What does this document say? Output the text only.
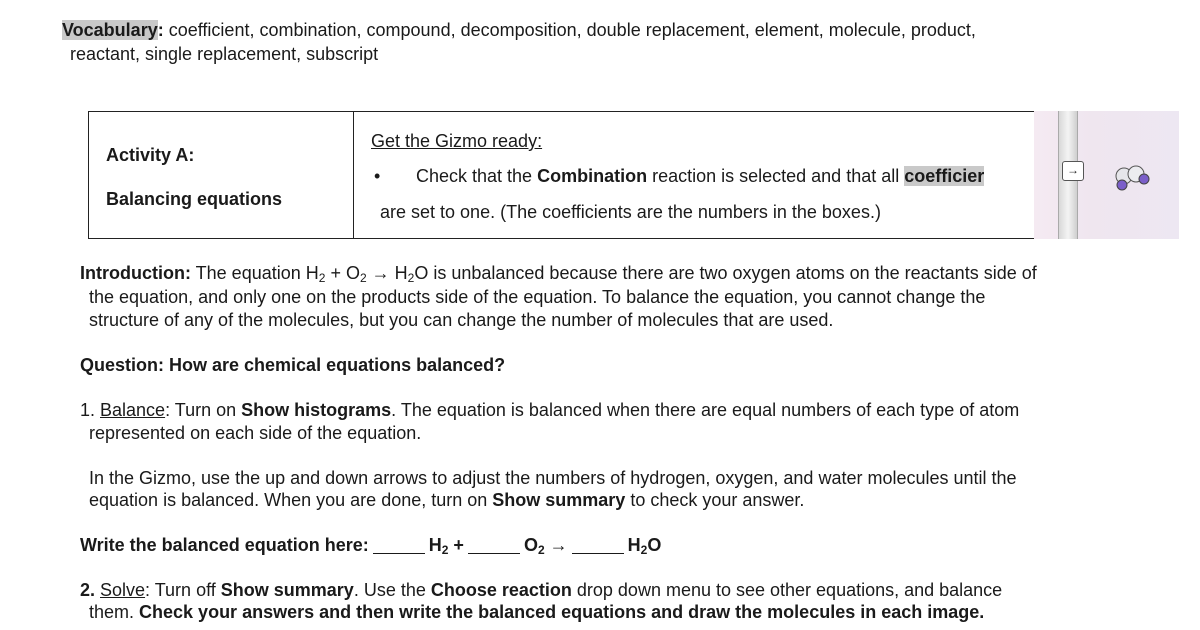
Vocabulary: coefficient, combination, compound, decomposition, double replacement, element, molecule, product,
reactant, single replacement, subscript
Activity A:
Balancing equations
Get the Gizmo ready:
• Check that the Combination reaction is selected and that all coefficier
are set to one. (The coefficients are the numbers in the boxes.)
→
Introduction: The equation $H_2 + O_2 \to H_2O$ is unbalanced because there are two oxygen atoms on the reactants side of
the equation, and only one on the products side of the equation. To balance the equation, you cannot change the
structure of any of the molecules, but you can change the number of molecules that are used.
Question: How are chemical equations balanced?
1. Balance: Turn on Show histograms. The equation is balanced when there are equal numbers of each type of atom
represented on each side of the equation.
In the Gizmo, use the up and down arrows to adjust the numbers of hydrogen, oxygen, and water molecules until the
equation is balanced. When you are done, turn on Show summary to check your answer.
Write the balanced equation here:	$H_2$ +	$O_2$ →	$H_2O$
2. Solve: Turn off Show summary. Use the Choose reaction drop down menu to see other equations, and balance
them. Check your answers and then write the balanced equations and draw the molecules in each image.
